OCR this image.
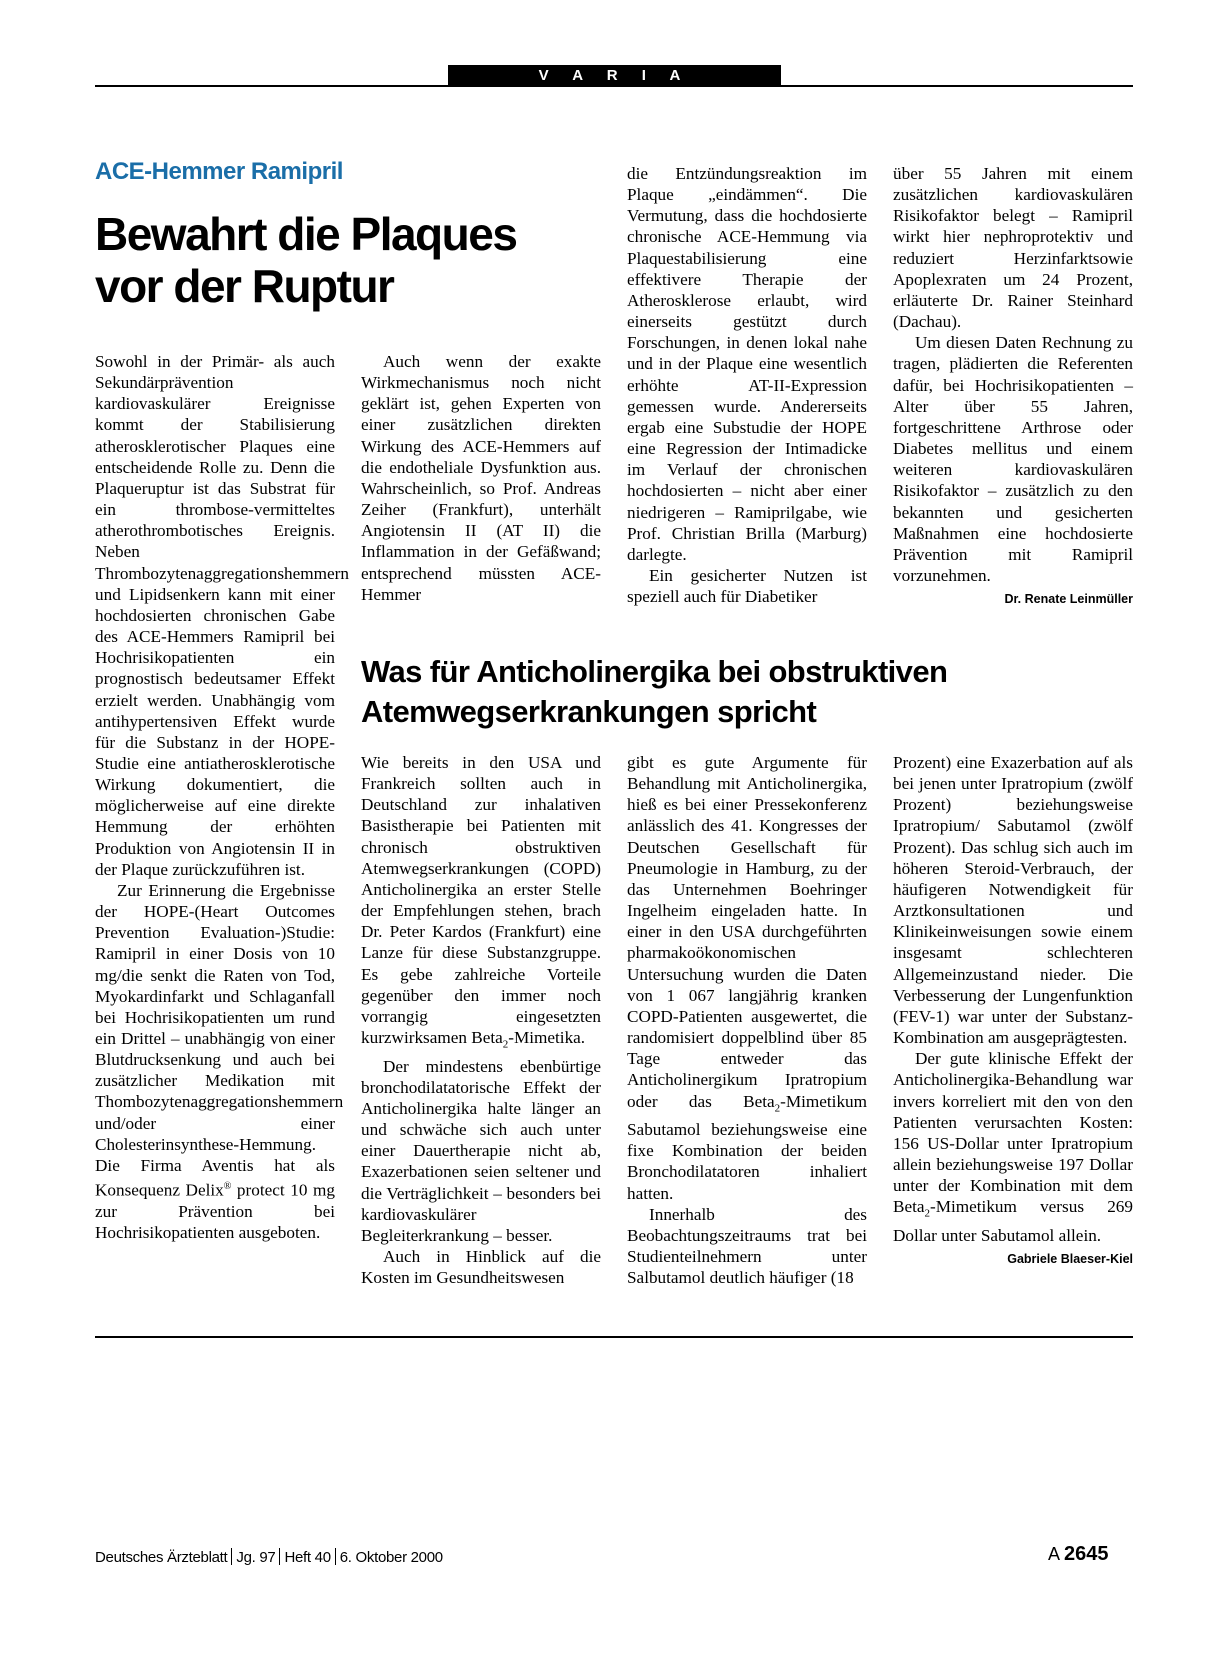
V A R I A
ACE-Hemmer Ramipril
Bewahrt die Plaques
vor der Ruptur

Sowohl in der Primär- als auch Sekundärprävention kardiovaskulärer Ereignisse kommt der Stabilisierung atherosklerotischer Plaques eine entscheidende Rolle zu. Denn die Plaqueruptur ist das Substrat für ein thrombose-vermitteltes atherothrombotisches Ereignis. Neben Thrombozytenaggregationshemmern und Lipidsenkern kann mit einer hochdosierten chronischen Gabe des ACE-Hemmers Ramipril bei Hochrisikopatienten ein prognostisch bedeutsamer Effekt erzielt werden. Unabhängig vom antihypertensiven Effekt wurde für die Substanz in der HOPE-Studie eine antiatherosklerotische Wirkung dokumentiert, die möglicherweise auf eine direkte Hemmung der erhöhten Produktion von Angiotensin II in der Plaque zurückzuführen ist.

Zur Erinnerung die Ergebnisse der HOPE-(Heart Outcomes Prevention Evaluation-)Studie: Ramipril in einer Dosis von 10 mg/die senkt die Raten von Tod, Myokardinfarkt und Schlaganfall bei Hochrisikopatienten um rund ein Drittel – unabhängig von einer Blutdrucksenkung und auch bei zusätzlicher Medikation mit Thombozytenaggregationshemmern und/oder einer Cholesterinsynthese-Hemmung. Die Firma Aventis hat als Konsequenz Delix® protect 10 mg zur Prävention bei Hochrisikopatienten ausgeboten.

Auch wenn der exakte Wirkmechanismus noch nicht geklärt ist, gehen Experten von einer zusätzlichen direkten Wirkung des ACE-Hemmers auf die endotheliale Dysfunktion aus. Wahrscheinlich, so Prof. Andreas Zeiher (Frankfurt), unterhält Angiotensin II (AT II) die Inflammation in der Gefäßwand; entsprechend müssten ACE-Hemmer

die Entzündungsreaktion im Plaque „eindämmen“. Die Vermutung, dass die hochdosierte chronische ACE-Hemmung via Plaquestabilisierung eine effektivere Therapie der Atherosklerose erlaubt, wird einerseits gestützt durch Forschungen, in denen lokal nahe und in der Plaque eine wesentlich erhöhte AT-II-Expression gemessen wurde. Andererseits ergab eine Substudie der HOPE eine Regression der Intimadicke im Verlauf der chronischen hochdosierten – nicht aber einer niedrigeren – Ramiprilgabe, wie Prof. Christian Brilla (Marburg) darlegte.

Ein gesicherter Nutzen ist speziell auch für Diabetiker

über 55 Jahren mit einem zusätzlichen kardiovaskulären Risikofaktor belegt – Ramipril wirkt hier nephroprotektiv und reduziert Herzinfarktsowie Apoplexraten um 24 Prozent, erläuterte Dr. Rainer Steinhard (Dachau).

Um diesen Daten Rechnung zu tragen, plädierten die Referenten dafür, bei Hochrisikopatienten – Alter über 55 Jahren, fortgeschrittene Arthrose oder Diabetes mellitus und einem weiteren kardiovaskulären Risikofaktor – zusätzlich zu den bekannten und gesicherten Maßnahmen eine hochdosierte Prävention mit Ramipril vorzunehmen.
Dr. Renate Leinmüller

Was für Anticholinergika bei obstruktiven
Atemwegserkrankungen spricht

Wie bereits in den USA und Frankreich sollten auch in Deutschland zur inhalativen Basistherapie bei Patienten mit chronisch obstruktiven Atemwegserkrankungen (COPD) Anticholinergika an erster Stelle der Empfehlungen stehen, brach Dr. Peter Kardos (Frankfurt) eine Lanze für diese Substanzgruppe. Es gebe zahlreiche Vorteile gegenüber den immer noch vorrangig eingesetzten kurzwirksamen Beta$_2$-Mimetika.

Der mindestens ebenbürtige bronchodilatatorische Effekt der Anticholinergika halte länger an und schwäche sich auch unter einer Dauertherapie nicht ab, Exazerbationen seien seltener und die Verträglichkeit – besonders bei kardiovaskulärer Begleiterkrankung – besser.

Auch in Hinblick auf die Kosten im Gesundheitswesen

gibt es gute Argumente für Behandlung mit Anticholinergika, hieß es bei einer Pressekonferenz anlässlich des 41. Kongresses der Deutschen Gesellschaft für Pneumologie in Hamburg, zu der das Unternehmen Boehringer Ingelheim eingeladen hatte. In einer in den USA durchgeführten pharmakoökonomischen Untersuchung wurden die Daten von 1 067 langjährig kranken COPD-Patienten ausgewertet, die randomisiert doppelblind über 85 Tage entweder das Anticholinergikum Ipratropium oder das Beta$_2$-Mimetikum Sabutamol beziehungsweise eine fixe Kombination der beiden Bronchodilatatoren inhaliert hatten.

Innerhalb des Beobachtungszeitraums trat bei Studienteilnehmern unter Salbutamol deutlich häufiger (18

Prozent) eine Exazerbation auf als bei jenen unter Ipratropium (zwölf Prozent) beziehungsweise Ipratropium/ Sabutamol (zwölf Prozent). Das schlug sich auch im höheren Steroid-Verbrauch, der häufigeren Notwendigkeit für Arztkonsultationen und Klinikeinweisungen sowie einem insgesamt schlechteren Allgemeinzustand nieder. Die Verbesserung der Lungenfunktion (FEV-1) war unter der Substanz-Kombination am ausgeprägtesten.

Der gute klinische Effekt der Anticholinergika-Behandlung war invers korreliert mit den von den Patienten verursachten Kosten: 156 US-Dollar unter Ipratropium allein beziehungsweise 197 Dollar unter der Kombination mit dem Beta$_2$-Mimetikum versus 269 Dollar unter Sabutamol allein.
Gabriele Blaeser-Kiel

Deutsches Ärzteblatt Jg. 97 Heft 40 6. Oktober 2000	A 2645
